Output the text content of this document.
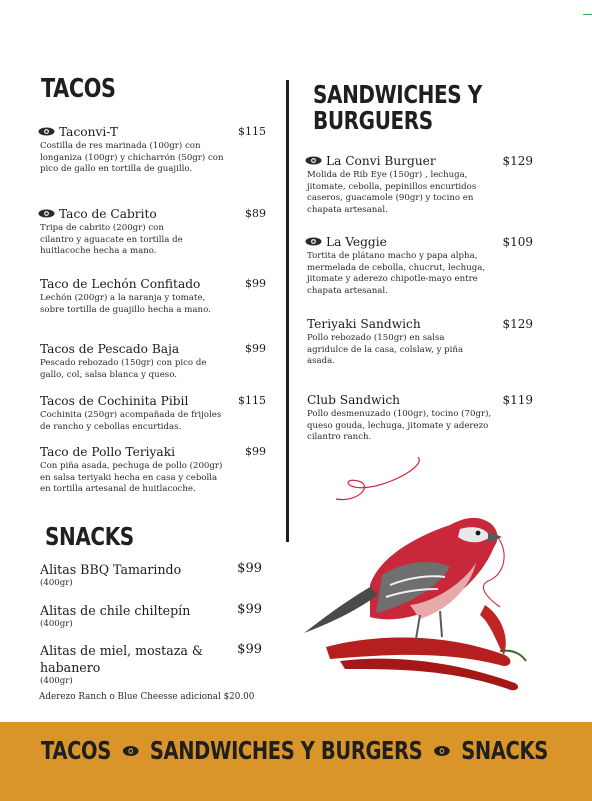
TACOS
Taconvi-T	$115
Costilla de res marinada (100gr) con longaniza (100gr) y chicharrón (50gr) con pico de gallo en tortilla de guajillo.
Taco de Cabrito	$89
Tripa de cabrito (200gr) con cilantro y aguacate en tortilla de huitlacoche hecha a mano.
Taco de Lechón Confitado	$99
Lechón (200gr) a la naranja y tomate, sobre tortilla de guajillo hecha a mano.
Tacos de Pescado Baja	$99
Pescado rebozado (150gr) con pico de gallo, col, salsa blanca y queso.
Tacos de Cochinita Pibil	$115
Cochinita (250gr) acompañada de frijoles de rancho y cebollas encurtidas.
Taco de Pollo Teriyaki	$99
Con piña asada, pechuga de pollo (200gr) en salsa teriyaki hecha en casa y cebolla en tortilla artesanal de huitlacoche.
SNACKS
Alitas BBQ Tamarindo	$99
(400gr)
Alitas de chile chiltepín	$99
(400gr)
Alitas de miel, mostaza & habanero
$99
(400gr)
Aderezo Ranch o Blue Cheesse adicional $20.00
SANDWICHES Y
BURGUERS
La Convi Burguer	$129
Molida de Rib Eye (150gr) , lechuga, jitomate, cebolla, pepinillos encurtidos caseros, guacamole (90gr) y tocino en chapata artesanal.
La Veggie	$109
Tortita de plátano macho y papa alpha, mermelada de cebolla, chucrut, lechuga, jitomate y aderezo chipotle-mayo entre chapata artesanal.
Teriyaki Sandwich	$129
Pollo rebozado (150gr) en salsa agridulce de la casa, colslaw, y piña asada.
Club Sandwich	$119
Pollo desmenuzado (100gr), tocino (70gr), queso gouda, lechuga, jitomate y aderezo cilantro ranch.
TACOS SANDWICHES Y BURGERS SNACKS
